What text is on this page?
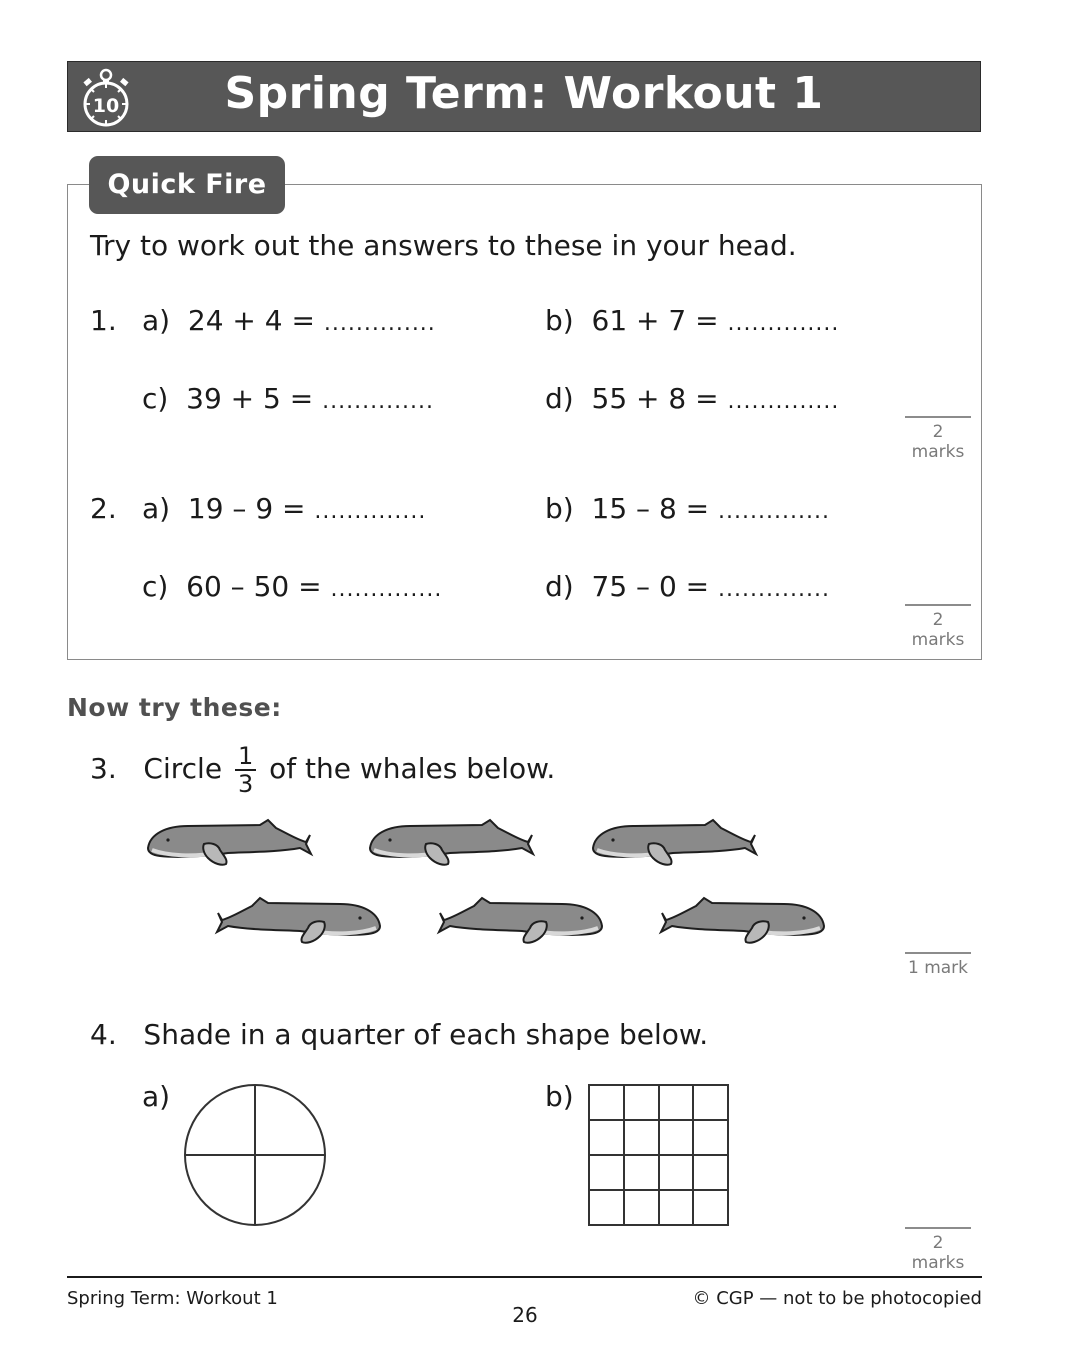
10	Spring Term: Workout 1
Quick Fire
Try to work out the answers to these in your head.
1. a) 24 + 4 = ..............	b) 61 + 7 = ..............
c) 39 + 5 = ..............	d) 55 + 8 = ..............
2 marks
2. a) 19 – 9 = ..............	b) 15 – 8 = ..............
c) 60 – 50 = ..............	d) 75 – 0 = ..............
2 marks
Now try these:
3. Circle $\frac{1}{3}$ of the whales below.
1 mark
4. Shade in a quarter of each shape below.
a)	b)
2 marks
Spring Term: Workout 1
26
© CGP — not to be photocopied
